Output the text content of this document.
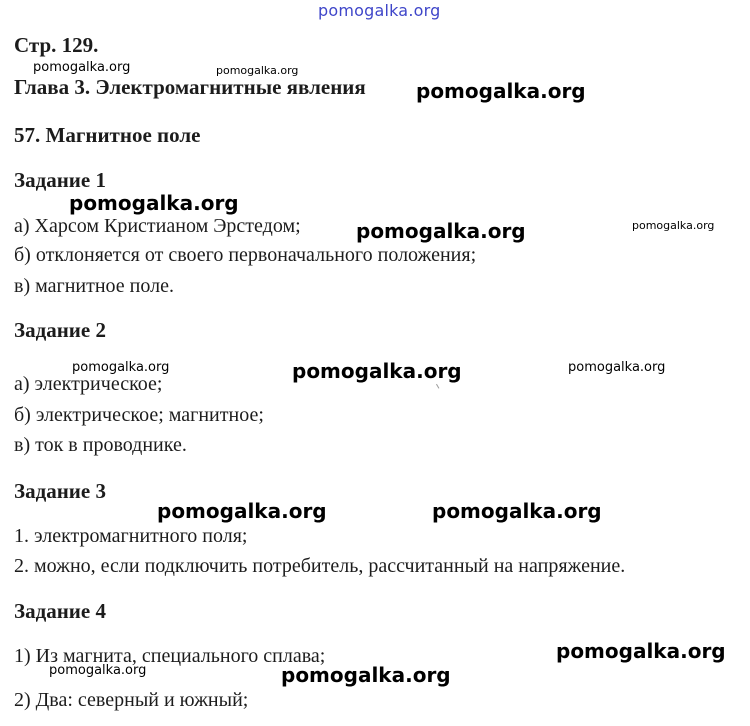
pomogalka.org
Стр. 129.
pomogalka.org	pomogalka.org
Глава 3. Электромагнитные явления	pomogalka.org
57. Магнитное поле
Задание 1
pomogalka.org
а) Харсом Кристианом Эрстедом;	pomogalka.org	pomogalka.org
б) отклоняется от своего первоначального положения;
в) магнитное поле.
Задание 2
pomogalka.org	pomogalka.org	pomogalka.org
а) электрическое;
б) электрическое; магнитное;
в) ток в проводнике.
Задание 3
pomogalka.org	pomogalka.org
1. электромагнитного поля;
2. можно, если подключить потребитель, рассчитанный на напряжение.
Задание 4
pomogalka.org
1) Из магнита, специального сплава;
pomogalka.org	pomogalka.org
2) Два: северный и южный;
